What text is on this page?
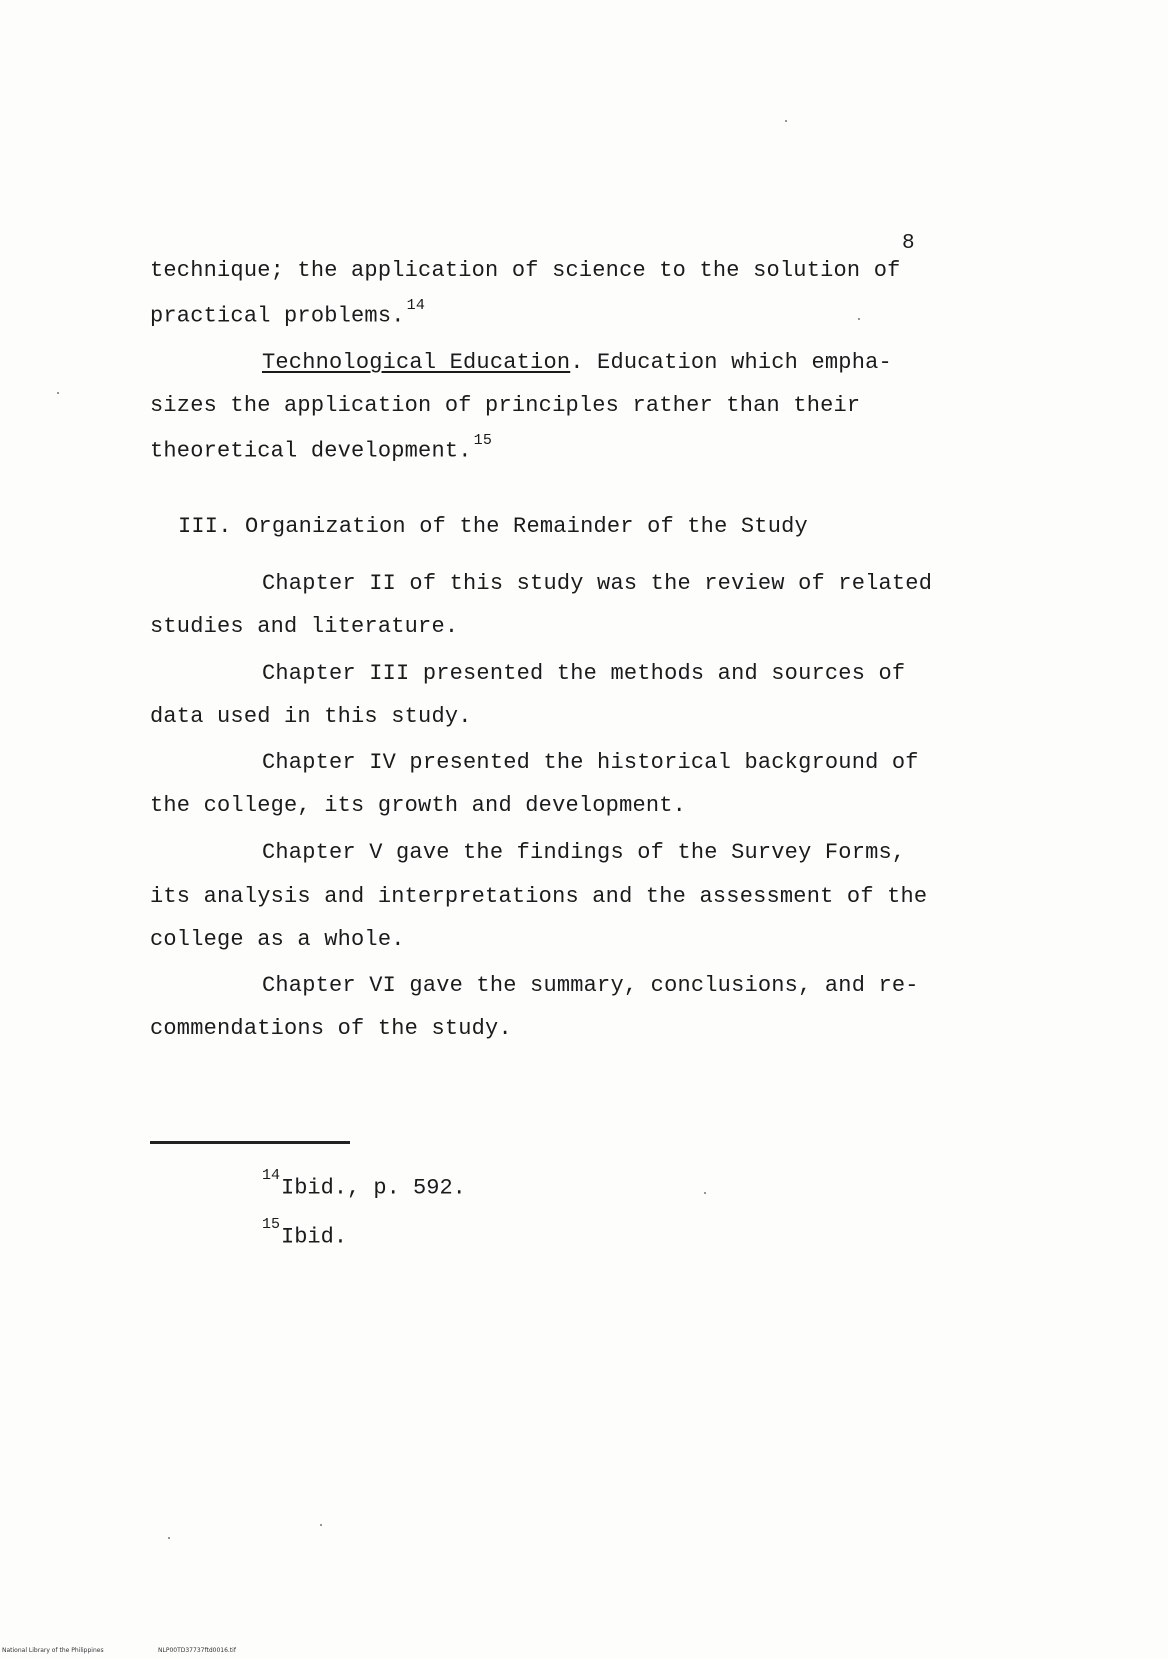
8
technique; the application of science to the solution of
practical problems. $^{14}$
Technological Education. Education which empha-
sizes the application of principles rather than their
theoretical development. $^{15}$
III. Organization of the Remainder of the Study
Chapter II of this study was the review of related
studies and literature.
Chapter III presented the methods and sources of
data used in this study.
Chapter IV presented the historical background of
the college, its growth and development.
Chapter V gave the findings of the Survey Forms,
its analysis and interpretations and the assessment of the
college as a whole.
Chapter VI gave the summary, conclusions, and re-
commendations of the study.
$^{14}$Ibid., p. 592.
$^{15}$Ibid.
National Library of the Philippines	NLP00TD37737ftd0016.tif
